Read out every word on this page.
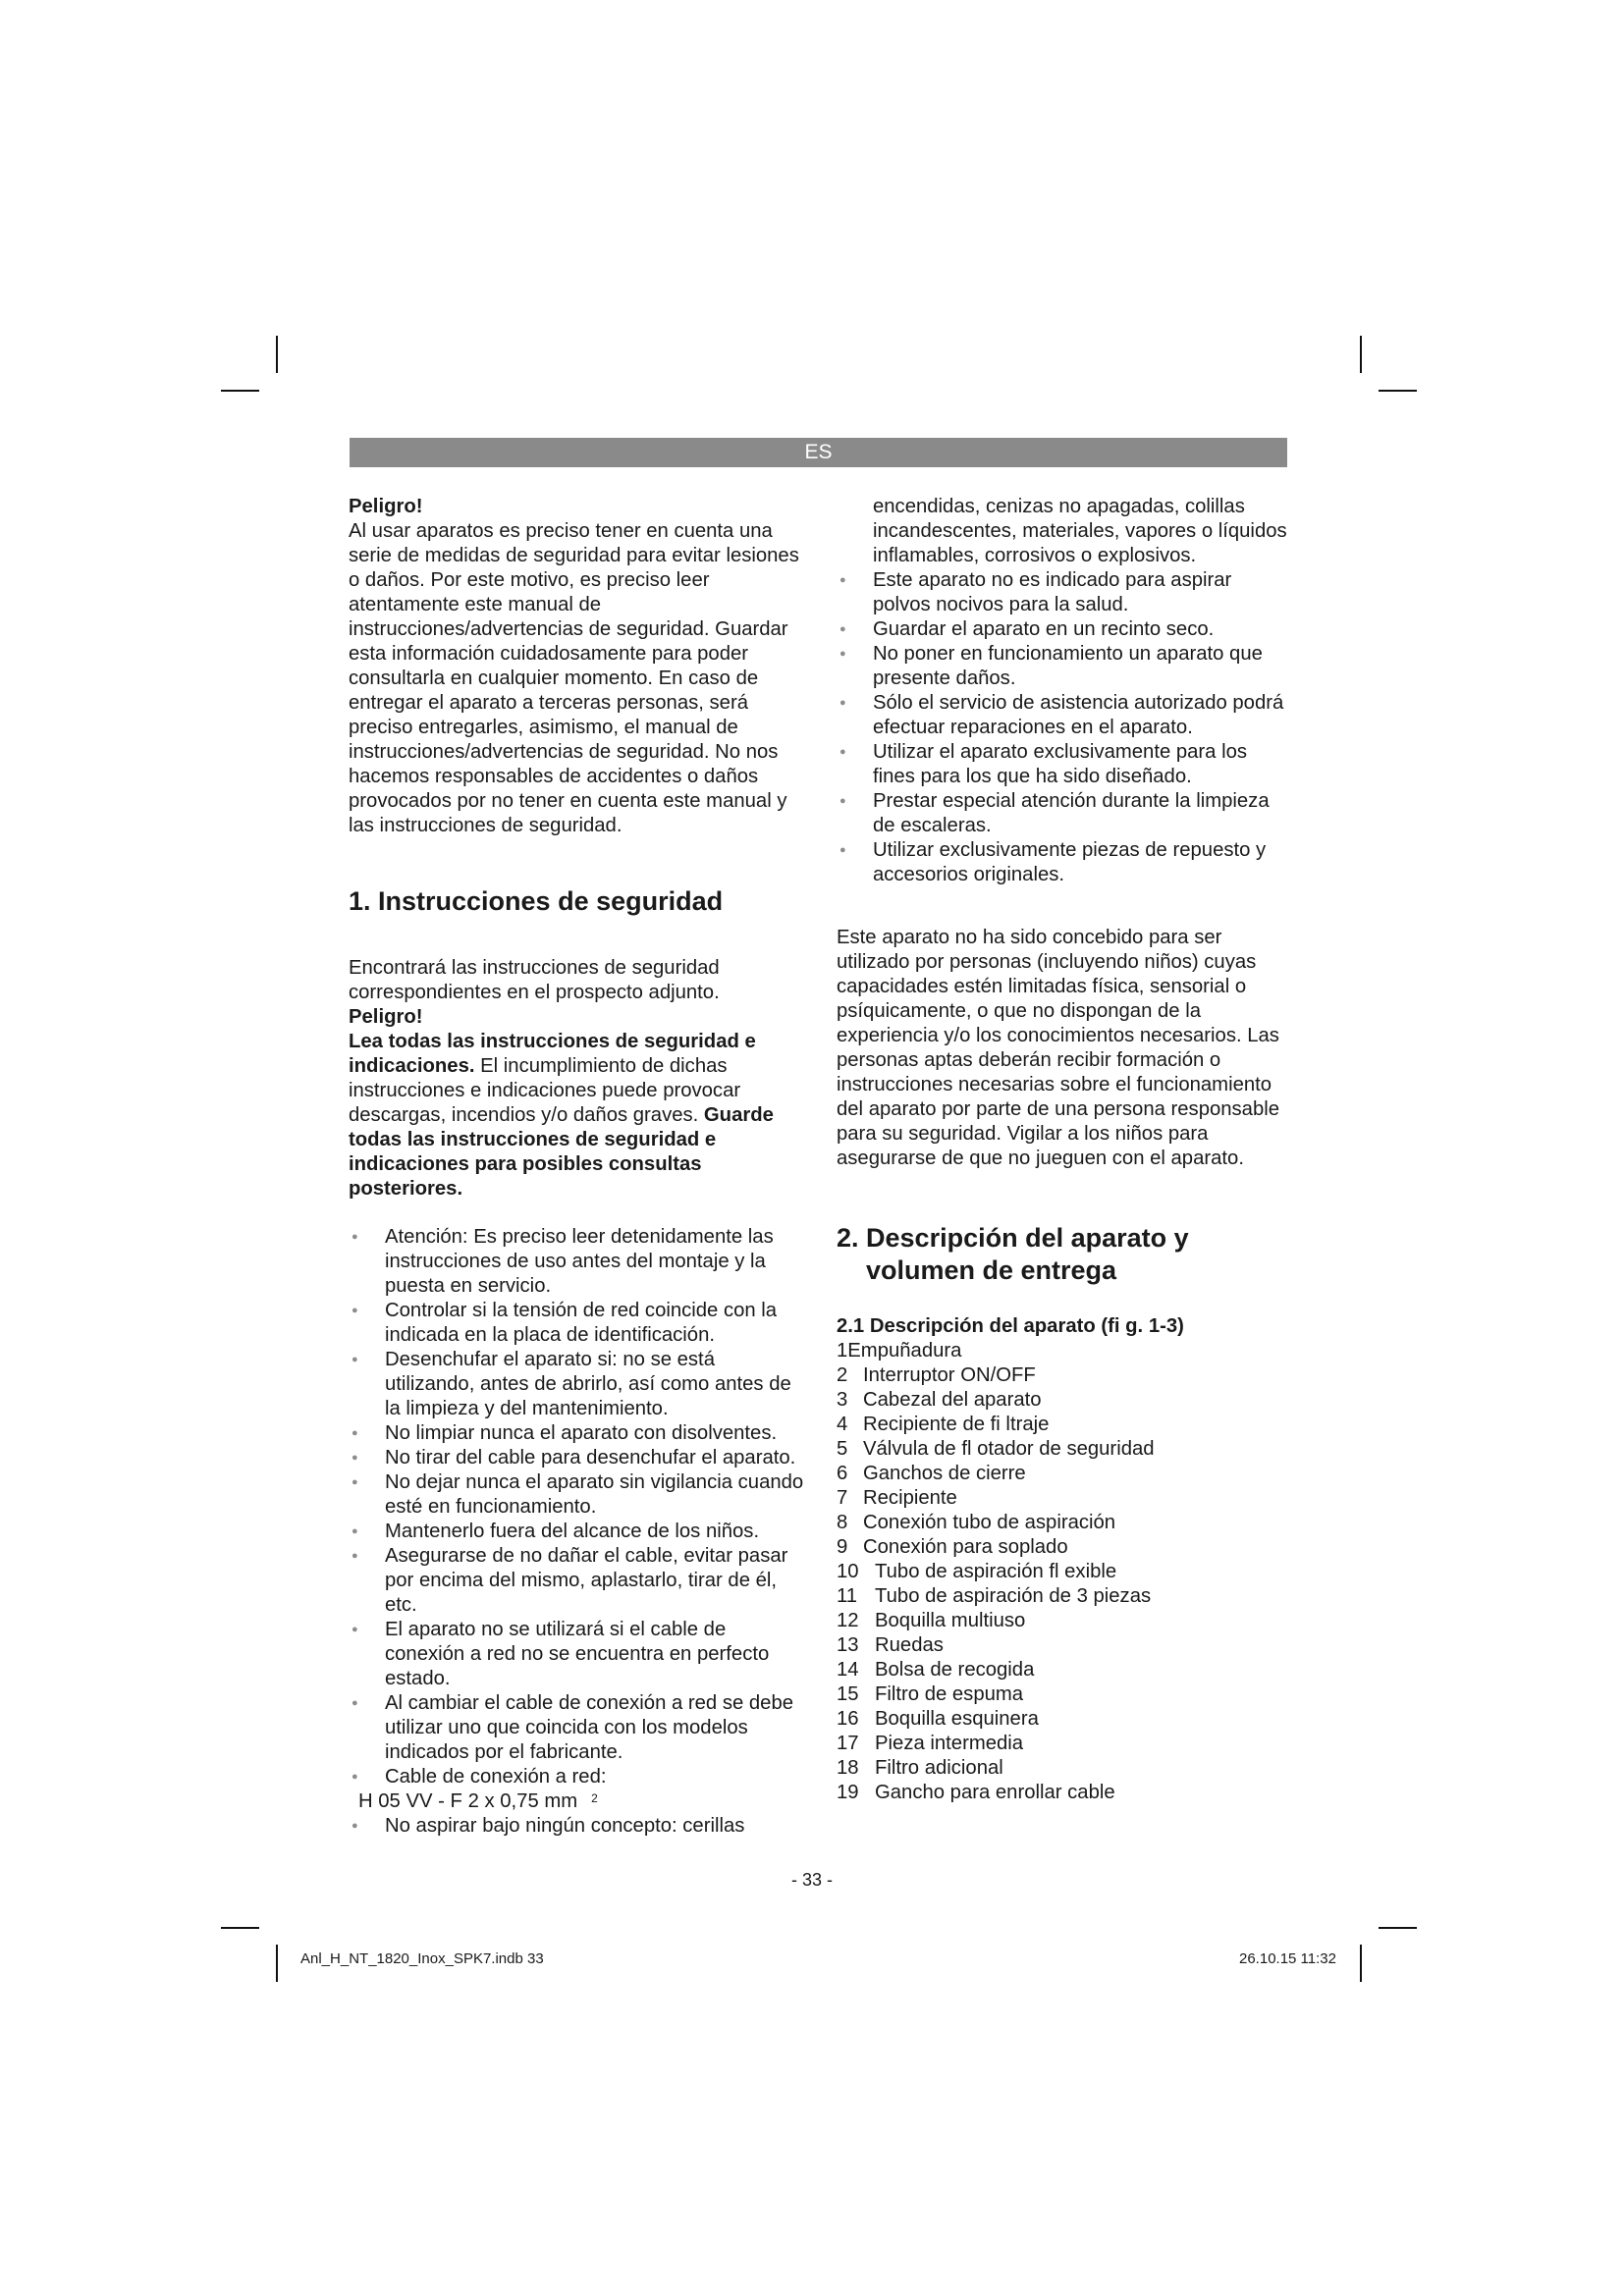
ES

Peligro!

Al usar aparatos es preciso tener en cuenta una serie de medidas de seguridad para evitar lesiones o daños. Por este motivo, es preciso leer atentamente este manual de instrucciones/advertencias de seguridad. Guardar esta información cuidadosamente para poder consultarla en cualquier momento. En caso de entregar el aparato a terceras personas, será preciso entregarles, asimismo, el manual de instrucciones/advertencias de seguridad. No nos hacemos responsables de accidentes o daños provocados por no tener en cuenta este manual y las instrucciones de seguridad.

1. Instrucciones de seguridad

Encontrará las instrucciones de seguridad correspondientes en el prospecto adjunto.

Peligro!

Lea todas las instrucciones de seguridad e indicaciones. El incumplimiento de dichas instrucciones e indicaciones puede provocar descargas, incendios y/o daños graves. Guarde todas las instrucciones de seguridad e indicaciones para posibles consultas posteriores.

● Atención: Es preciso leer detenidamente las instrucciones de uso antes del montaje y la puesta en servicio.
● Controlar si la tensión de red coincide con la indicada en la placa de identificación.
● Desenchufar el aparato si: no se está utilizando, antes de abrirlo, así como antes de la limpieza y del mantenimiento.
● No limpiar nunca el aparato con disolventes.
● No tirar del cable para desenchufar el aparato.
● No dejar nunca el aparato sin vigilancia cuando esté en funcionamiento.
● Mantenerlo fuera del alcance de los niños.
● Asegurarse de no dañar el cable, evitar pasar por encima del mismo, aplastarlo, tirar de él, etc.
● El aparato no se utilizará si el cable de conexión a red no se encuentra en perfecto estado.
● Al cambiar el cable de conexión a red se debe utilizar uno que coincida con los modelos indicados por el fabricante.
● Cable de conexión a red:

H 05 VV - F 2 x 0,75 mm $^2$

● No aspirar bajo ningún concepto: cerillas

encendidas, cenizas no apagadas, colillas incandescentes, materiales, vapores o líquidos inflamables, corrosivos o explosivos.

● Este aparato no es indicado para aspirar polvos nocivos para la salud.
● Guardar el aparato en un recinto seco.
● No poner en funcionamiento un aparato que presente daños.
● Sólo el servicio de asistencia autorizado podrá efectuar reparaciones en el aparato.
● Utilizar el aparato exclusivamente para los fines para los que ha sido diseñado.
● Prestar especial atención durante la limpieza de escaleras.
● Utilizar exclusivamente piezas de repuesto y accesorios originales.

Este aparato no ha sido concebido para ser utilizado por personas (incluyendo niños) cuyas capacidades estén limitadas física, sensorial o psíquicamente, o que no dispongan de la experiencia y/o los conocimientos necesarios. Las personas aptas deberán recibir formación o instrucciones necesarias sobre el funcionamiento del aparato por parte de una persona responsable para su seguridad. Vigilar a los niños para asegurarse de que no jueguen con el aparato.

2. Descripción del aparato y
volumen de entrega
2.1 Descripción del aparato (fi g. 1-3)

1Empuñadura

2 Interruptor ON/OFF
3 Cabezal del aparato
4 Recipiente de fi ltraje
5 Válvula de fl otador de seguridad
6 Ganchos de cierre
7 Recipiente
8 Conexión tubo de aspiración
9 Conexión para soplado
10 Tubo de aspiración fl exible
11 Tubo de aspiración de 3 piezas
12 Boquilla multiuso
13 Ruedas
14 Bolsa de recogida
15 Filtro de espuma
16 Boquilla esquinera
17 Pieza intermedia
18 Filtro adicional
19 Gancho para enrollar cable
- 33 -
Anl_H_NT_1820_Inox_SPK7.indb 33	26.10.15 11:32
